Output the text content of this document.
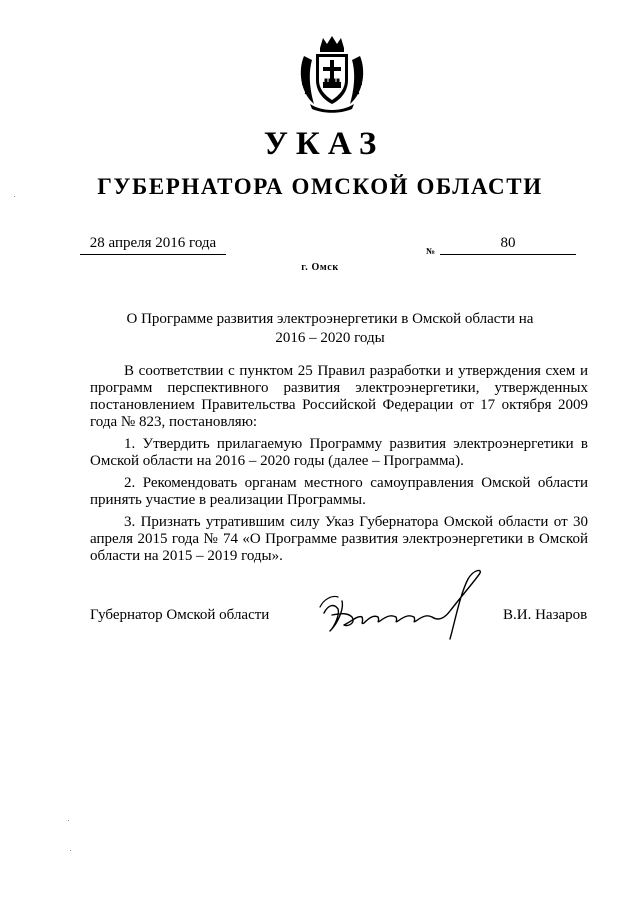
УКАЗ
ГУБЕРНАТОРА ОМСКОЙ ОБЛАСТИ
28 апреля 2016 года	№	80
г. Омск
О Программе развития электроэнергетики в Омской области на
2016 – 2020 годы

В соответствии с пунктом 25 Правил разработки и утверждения схем и программ перспективного развития электроэнергетики, утвержденных постановлением Правительства Российской Федерации от 17 октября 2009 года № 823, постановляю:

1. Утвердить прилагаемую Программу развития электроэнергетики в Омской области на 2016 – 2020 годы (далее – Программа).

2. Рекомендовать органам местного самоуправления Омской области принять участие в реализации Программы.

3. Признать утратившим силу Указ Губернатора Омской области от 30 апреля 2015 года № 74 «О Программе развития электроэнергетики в Омской области на 2015 – 2019 годы».

Губернатор Омской области	В.И. Назаров
